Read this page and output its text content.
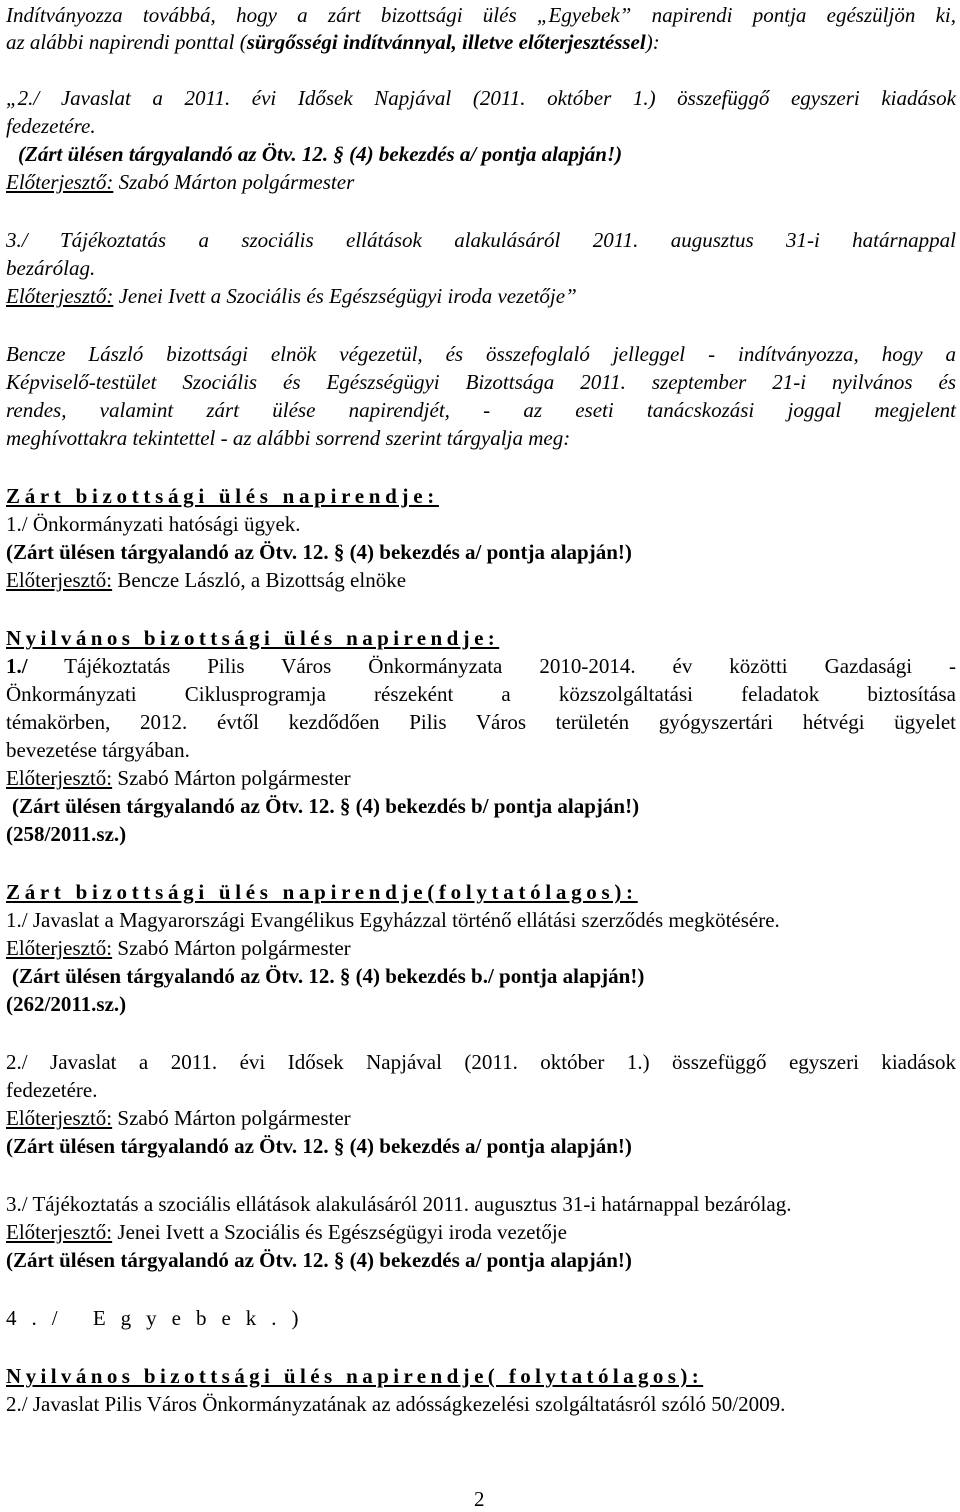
Indítványozza továbbá, hogy a zárt bizottsági ülés „Egyebek” napirendi pontja egészüljön ki,
az alábbi napirendi ponttal (sürgősségi indítvánnyal, illetve előterjesztéssel):
„2./ Javaslat a 2011. évi Idősek Napjával (2011. október 1.) összefüggő egyszeri kiadások
fedezetére.
(Zárt ülésen tárgyalandó az Ötv. 12. § (4) bekezdés a/ pontja alapján!)
Előterjesztő: Szabó Márton polgármester
3./ Tájékoztatás a szociális ellátások alakulásáról 2011. augusztus 31-i határnappal
bezárólag.
Előterjesztő: Jenei Ivett a Szociális és Egészségügyi iroda vezetője”
Bencze László bizottsági elnök végezetül, és összefoglaló jelleggel - indítványozza, hogy a
Képviselő-testület Szociális és Egészségügyi Bizottsága 2011. szeptember 21-i nyilvános és
rendes, valamint zárt ülése napirendjét, - az eseti tanácskozási joggal megjelent
meghívottakra tekintettel - az alábbi sorrend szerint tárgyalja meg:
Zárt bizottsági ülés napirendje:
1./ Önkormányzati hatósági ügyek.
(Zárt ülésen tárgyalandó az Ötv. 12. § (4) bekezdés a/ pontja alapján!)
Előterjesztő: Bencze László, a Bizottság elnöke
Nyilvános bizottsági ülés napirendje:
1./ Tájékoztatás Pilis Város Önkormányzata 2010-2014. év közötti Gazdasági -
Önkormányzati Ciklusprogramja részeként a közszolgáltatási feladatok biztosítása
témakörben, 2012. évtől kezdődően Pilis Város területén gyógyszertári hétvégi ügyelet
bevezetése tárgyában.
Előterjesztő: Szabó Márton polgármester
(Zárt ülésen tárgyalandó az Ötv. 12. § (4) bekezdés b/ pontja alapján!)
(258/2011.sz.)
Zárt bizottsági ülés napirendje(folytatólagos):
1./ Javaslat a Magyarországi Evangélikus Egyházzal történő ellátási szerződés megkötésére.
Előterjesztő: Szabó Márton polgármester
(Zárt ülésen tárgyalandó az Ötv. 12. § (4) bekezdés b./ pontja alapján!)
(262/2011.sz.)
2./ Javaslat a 2011. évi Idősek Napjával (2011. október 1.) összefüggő egyszeri kiadások
fedezetére.
Előterjesztő: Szabó Márton polgármester
(Zárt ülésen tárgyalandó az Ötv. 12. § (4) bekezdés a/ pontja alapján!)
3./ Tájékoztatás a szociális ellátások alakulásáról 2011. augusztus 31-i határnappal bezárólag.
Előterjesztő: Jenei Ivett a Szociális és Egészségügyi iroda vezetője
(Zárt ülésen tárgyalandó az Ötv. 12. § (4) bekezdés a/ pontja alapján!)
4./ Egyebek.)
Nyilvános bizottsági ülés napirendje( folytatólagos):
2./ Javaslat Pilis Város Önkormányzatának az adósságkezelési szolgáltatásról szóló 50/2009.
2
